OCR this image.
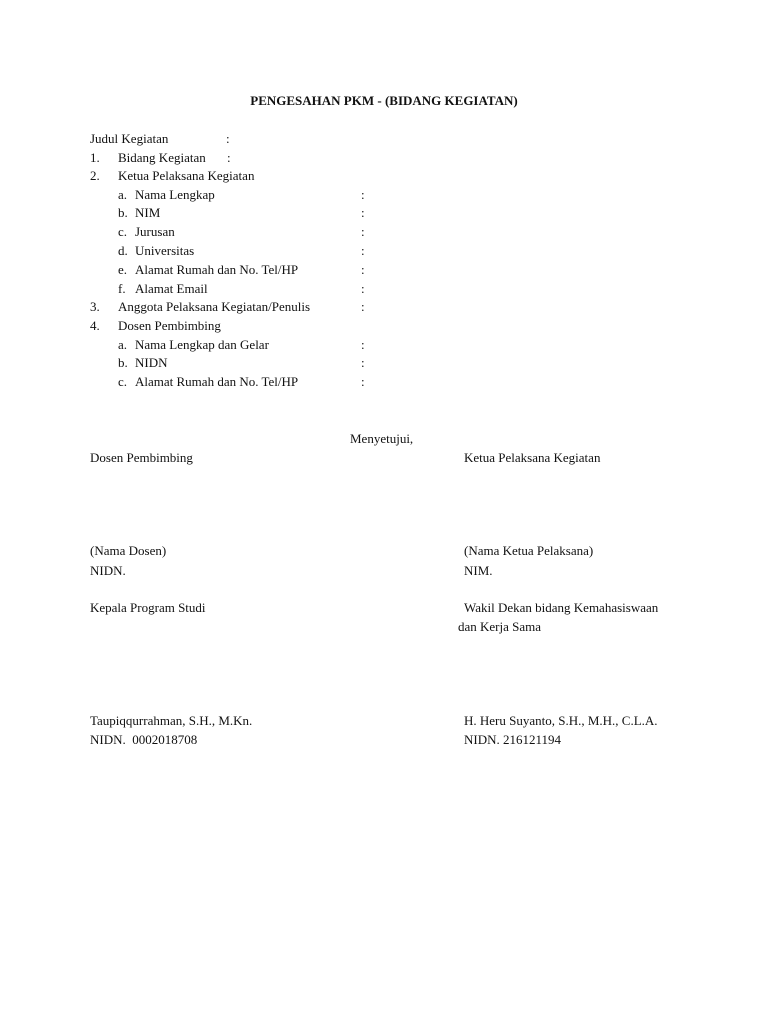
PENGESAHAN PKM - (BIDANG KEGIATAN)
Judul Kegiatan	:
1. Bidang Kegiatan :
2. Ketua Pelaksana Kegiatan
a. Nama Lengkap	:
b. NIM	:
c. Jurusan	:
d. Universitas	:
e. Alamat Rumah dan No. Tel/HP	:
f. Alamat Email	:
3. Anggota Pelaksana Kegiatan/Penulis	:
4. Dosen Pembimbing
a. Nama Lengkap dan Gelar	:
b. NIDN	:
c. Alamat Rumah dan No. Tel/HP	:
Menyetujui,
Dosen Pembimbing	Ketua Pelaksana Kegiatan
(Nama Dosen)	(Nama Ketua Pelaksana)
NIDN.	NIM.
Kepala Program Studi	Wakil Dekan bidang Kemahasiswaan
dan Kerja Sama
Taupiqqurrahman, S.H., M.Kn.	H. Heru Suyanto, S.H., M.H., C.L.A.
NIDN.  0002018708	NIDN. 216121194
